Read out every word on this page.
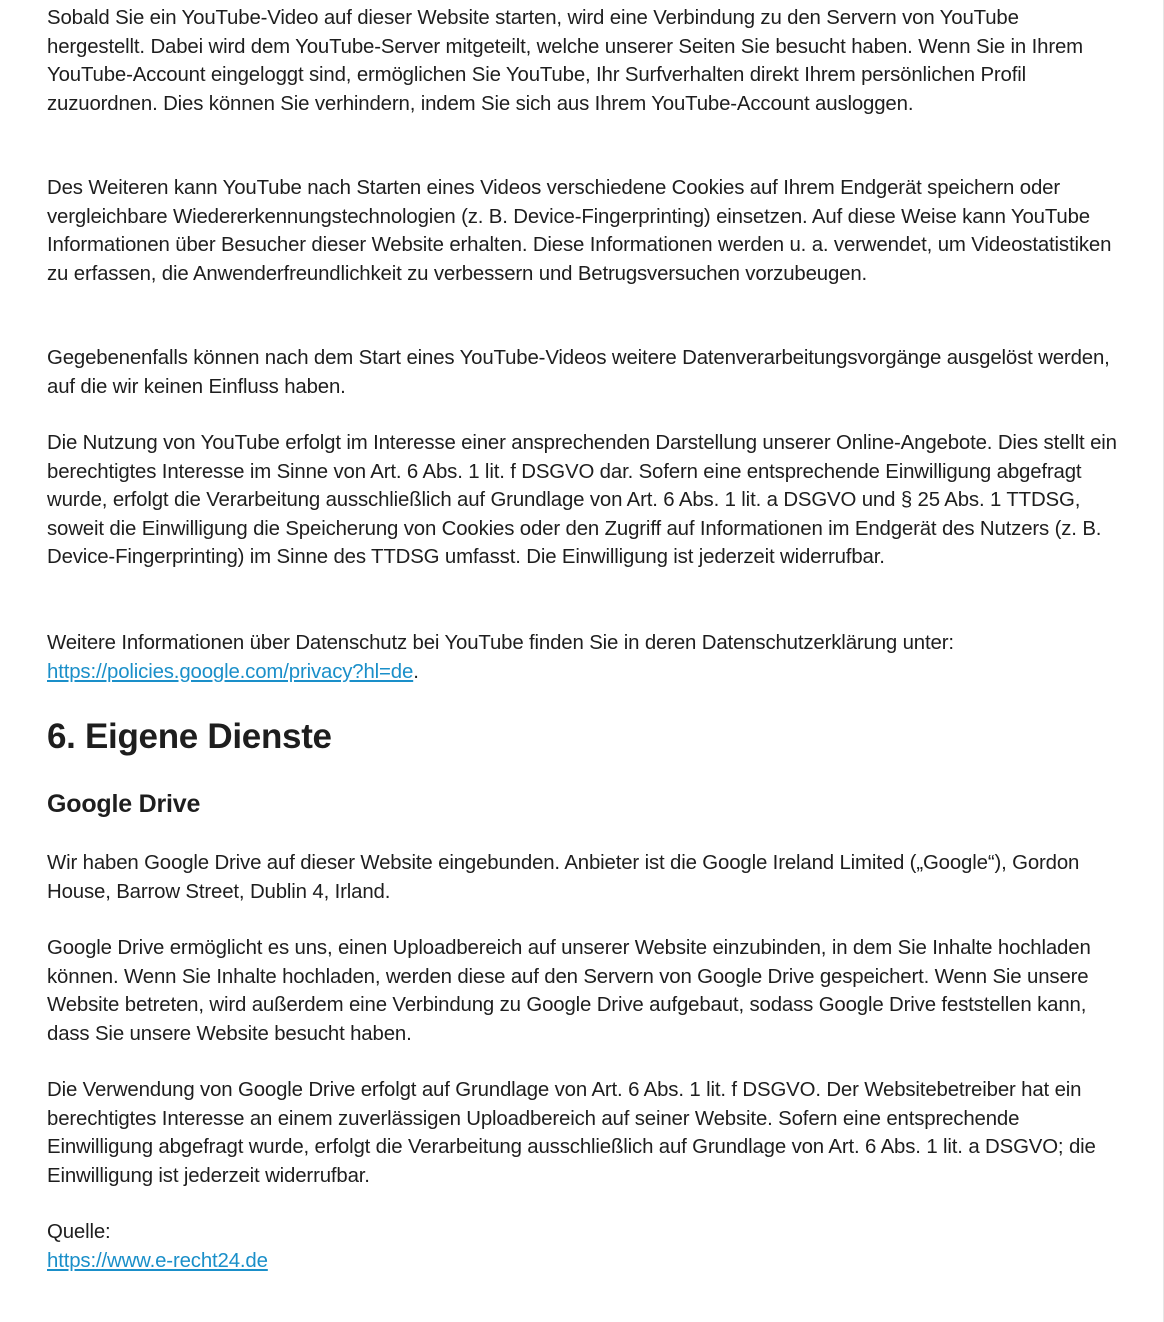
Sobald Sie ein YouTube-Video auf dieser Website starten, wird eine Verbindung zu den Servern von YouTube hergestellt. Dabei wird dem YouTube-Server mitgeteilt, welche unserer Seiten Sie besucht haben. Wenn Sie in Ihrem YouTube-Account eingeloggt sind, ermöglichen Sie YouTube, Ihr Surfverhalten direkt Ihrem persönlichen Profil zuzuordnen. Dies können Sie verhindern, indem Sie sich aus Ihrem YouTube-Account ausloggen.

Des Weiteren kann YouTube nach Starten eines Videos verschiedene Cookies auf Ihrem Endgerät speichern oder vergleichbare Wiedererkennungstechnologien (z. B. Device-Fingerprinting) einsetzen. Auf diese Weise kann YouTube Informationen über Besucher dieser Website erhalten. Diese Informationen werden u. a. verwendet, um Videostatistiken zu erfassen, die Anwenderfreundlichkeit zu verbessern und Betrugsversuchen vorzubeugen.

Gegebenenfalls können nach dem Start eines YouTube-Videos weitere Datenverarbeitungsvorgänge ausgelöst werden, auf die wir keinen Einfluss haben.

Die Nutzung von YouTube erfolgt im Interesse einer ansprechenden Darstellung unserer Online-Angebote. Dies stellt ein berechtigtes Interesse im Sinne von Art. 6 Abs. 1 lit. f DSGVO dar. Sofern eine entsprechende Einwilligung abgefragt wurde, erfolgt die Verarbeitung ausschließlich auf Grundlage von Art. 6 Abs. 1 lit. a DSGVO und § 25 Abs. 1 TTDSG, soweit die Einwilligung die Speicherung von Cookies oder den Zugriff auf Informationen im Endgerät des Nutzers (z. B. Device-Fingerprinting) im Sinne des TTDSG umfasst. Die Einwilligung ist jederzeit widerrufbar.

Weitere Informationen über Datenschutz bei YouTube finden Sie in deren Datenschutzerklärung unter:
https://policies.google.com/privacy?hl=de.

6. Eigene Dienste
Google Drive

Wir haben Google Drive auf dieser Website eingebunden. Anbieter ist die Google Ireland Limited („Google“), Gordon House, Barrow Street, Dublin 4, Irland.

Google Drive ermöglicht es uns, einen Uploadbereich auf unserer Website einzubinden, in dem Sie Inhalte hochladen können. Wenn Sie Inhalte hochladen, werden diese auf den Servern von Google Drive gespeichert. Wenn Sie unsere Website betreten, wird außerdem eine Verbindung zu Google Drive aufgebaut, sodass Google Drive feststellen kann, dass Sie unsere Website besucht haben.

Die Verwendung von Google Drive erfolgt auf Grundlage von Art. 6 Abs. 1 lit. f DSGVO. Der Websitebetreiber hat ein berechtigtes Interesse an einem zuverlässigen Uploadbereich auf seiner Website. Sofern eine entsprechende Einwilligung abgefragt wurde, erfolgt die Verarbeitung ausschließlich auf Grundlage von Art. 6 Abs. 1 lit. a DSGVO; die Einwilligung ist jederzeit widerrufbar.

Quelle:
https://www.e-recht24.de
